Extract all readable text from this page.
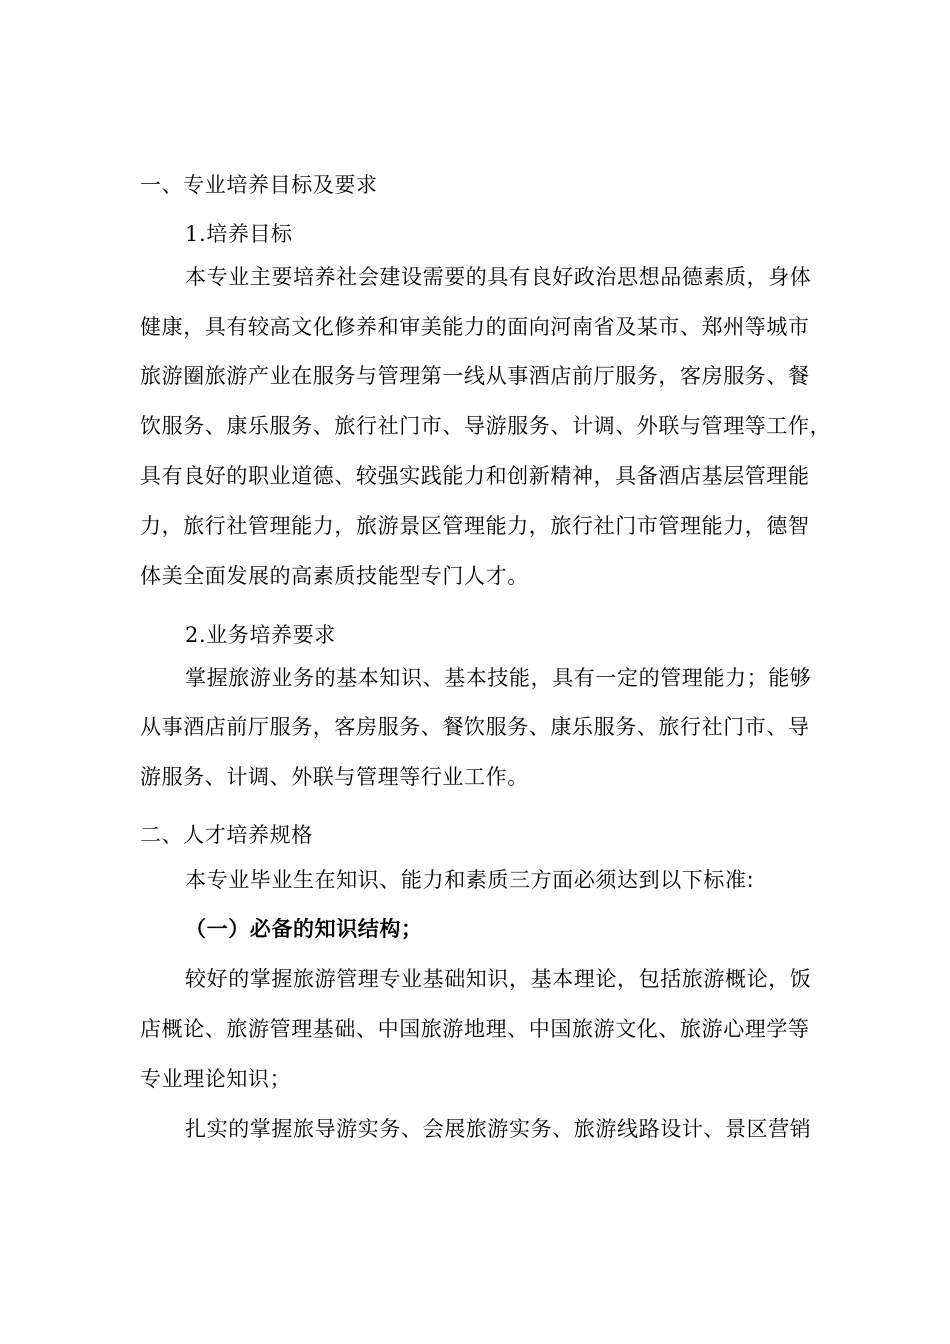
一、专业培养目标及要求
1.培养目标
本专业主要培养社会建设需要的具有良好政治思想品德素质，身体
健康，具有较高文化修养和审美能力的面向河南省及某市、郑州等城市
旅游圈旅游产业在服务与管理第一线从事酒店前厅服务，客房服务、餐
饮服务、康乐服务、旅行社门市、导游服务、计调、外联与管理等工作，
具有良好的职业道德、较强实践能力和创新精神，具备酒店基层管理能
力，旅行社管理能力，旅游景区管理能力，旅行社门市管理能力，德智
体美全面发展的高素质技能型专门人才。
2.业务培养要求
掌握旅游业务的基本知识、基本技能，具有一定的管理能力；能够
从事酒店前厅服务，客房服务、餐饮服务、康乐服务、旅行社门市、导
游服务、计调、外联与管理等行业工作。
二、人才培养规格
本专业毕业生在知识、能力和素质三方面必须达到以下标准:
（一）必备的知识结构；
较好的掌握旅游管理专业基础知识，基本理论，包括旅游概论，饭
店概论、旅游管理基础、中国旅游地理、中国旅游文化、旅游心理学等
专业理论知识；
扎实的掌握旅导游实务、会展旅游实务、旅游线路设计、景区营销
